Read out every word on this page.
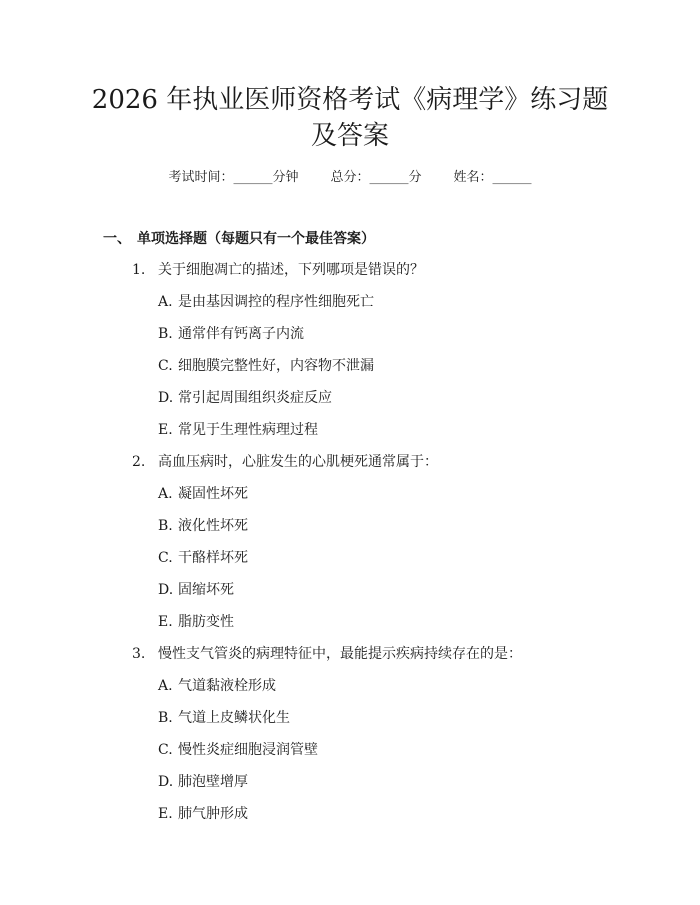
2026 年执业医师资格考试《病理学》练习题
及答案
考试时间：______分钟 总分：______分 姓名：______
一、 单项选择题（每题只有一个最佳答案）
1. 关于细胞凋亡的描述，下列哪项是错误的？
A. 是由基因调控的程序性细胞死亡
B. 通常伴有钙离子内流
C. 细胞膜完整性好，内容物不泄漏
D. 常引起周围组织炎症反应
E. 常见于生理性病理过程
2. 高血压病时，心脏发生的心肌梗死通常属于：
A. 凝固性坏死
B. 液化性坏死
C. 干酪样坏死
D. 固缩坏死
E. 脂肪变性
3. 慢性支气管炎的病理特征中，最能提示疾病持续存在的是：
A. 气道黏液栓形成
B. 气道上皮鳞状化生
C. 慢性炎症细胞浸润管壁
D. 肺泡壁增厚
E. 肺气肿形成
